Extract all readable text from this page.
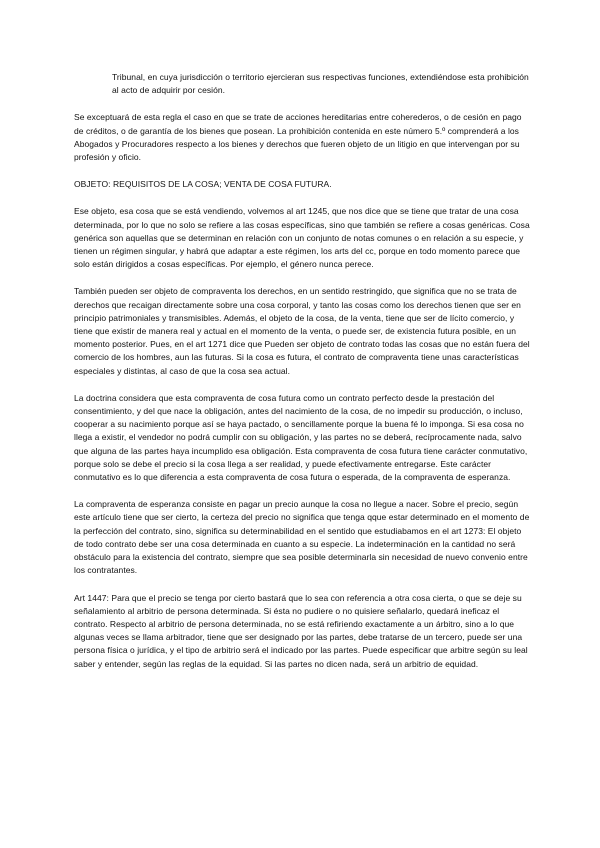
Tribunal, en cuya jurisdicción o territorio ejercieran sus respectivas funciones, extendiéndose esta prohibición al acto de adquirir por cesión.

Se exceptuará de esta regla el caso en que se trate de acciones hereditarias entre coherederos, o de cesión en pago de créditos, o de garantía de los bienes que posean. La prohibición contenida en este número 5.º comprenderá a los Abogados y Procuradores respecto a los bienes y derechos que fueren objeto de un litigio en que intervengan por su profesión y oficio.

OBJETO: REQUISITOS DE LA COSA; VENTA DE COSA FUTURA.

Ese objeto, esa cosa que se está vendiendo, volvemos al art 1245, que nos dice que se tiene que tratar de una cosa determinada, por lo que no solo se refiere a las cosas específicas, sino que también se refiere a cosas genéricas. Cosa genérica son aquellas que se determinan en relación con un conjunto de notas comunes o en relación a su especie, y tienen un régimen singular, y habrá que adaptar a este régimen, los arts del cc, porque en todo momento parece que solo están dirigidos a cosas específicas. Por ejemplo, el género nunca perece.

También pueden ser objeto de compraventa los derechos, en un sentido restringido, que significa que no se trata de derechos que recaigan directamente sobre una cosa corporal, y tanto las cosas como los derechos tienen que ser en principio patrimoniales y transmisibles. Además, el objeto de la cosa, de la venta, tiene que ser de lícito comercio, y tiene que existir de manera real y actual en el momento de la venta, o puede ser, de existencia futura posible, en un momento posterior. Pues, en el art 1271 dice que Pueden ser objeto de contrato todas las cosas que no están fuera del comercio de los hombres, aun las futuras. Si la cosa es futura, el contrato de compraventa tiene unas características especiales y distintas, al caso de que la cosa sea actual.

La doctrina considera que esta compraventa de cosa futura como un contrato perfecto desde la prestación del consentimiento, y del que nace la obligación, antes del nacimiento de la cosa, de no impedir su producción, o incluso, cooperar a su nacimiento porque así se haya pactado, o sencillamente porque la buena fé lo imponga. Si esa cosa no llega a existir, el vendedor no podrá cumplir con su obligación, y las partes no se deberá, recíprocamente nada, salvo que alguna de las partes haya incumplido esa obligación. Esta compraventa de cosa futura tiene carácter conmutativo, porque solo se debe el precio si la cosa llega a ser realidad, y puede efectivamente entregarse. Este carácter conmutativo es lo que diferencia a esta compraventa de cosa futura o esperada, de la compraventa de esperanza.

La compraventa de esperanza consiste en pagar un precio aunque la cosa no llegue a nacer. Sobre el precio, según este artículo tiene que ser cierto, la certeza del precio no significa que tenga qque estar determinado en el momento de la perfección del contrato, sino, significa su determinabilidad en el sentido que estudiabamos en el art 1273: El objeto de todo contrato debe ser una cosa determinada en cuanto a su especie. La indeterminación en la cantidad no será obstáculo para la existencia del contrato, siempre que sea posible determinarla sin necesidad de nuevo convenio entre los contratantes.

Art 1447: Para que el precio se tenga por cierto bastará que lo sea con referencia a otra cosa cierta, o que se deje su señalamiento al arbitrio de persona determinada. Si ésta no pudiere o no quisiere señalarlo, quedará ineficaz el contrato. Respecto al arbitrio de persona determinada, no se está refiriendo exactamente a un árbitro, sino a lo que algunas veces se llama arbitrador, tiene que ser designado por las partes, debe tratarse de un tercero, puede ser una persona física o jurídica, y el tipo de arbitrio será el indicado por las partes. Puede especificar que arbitre según su leal saber y entender, según las reglas de la equidad. Si las partes no dicen nada, será un arbitrio de equidad.
